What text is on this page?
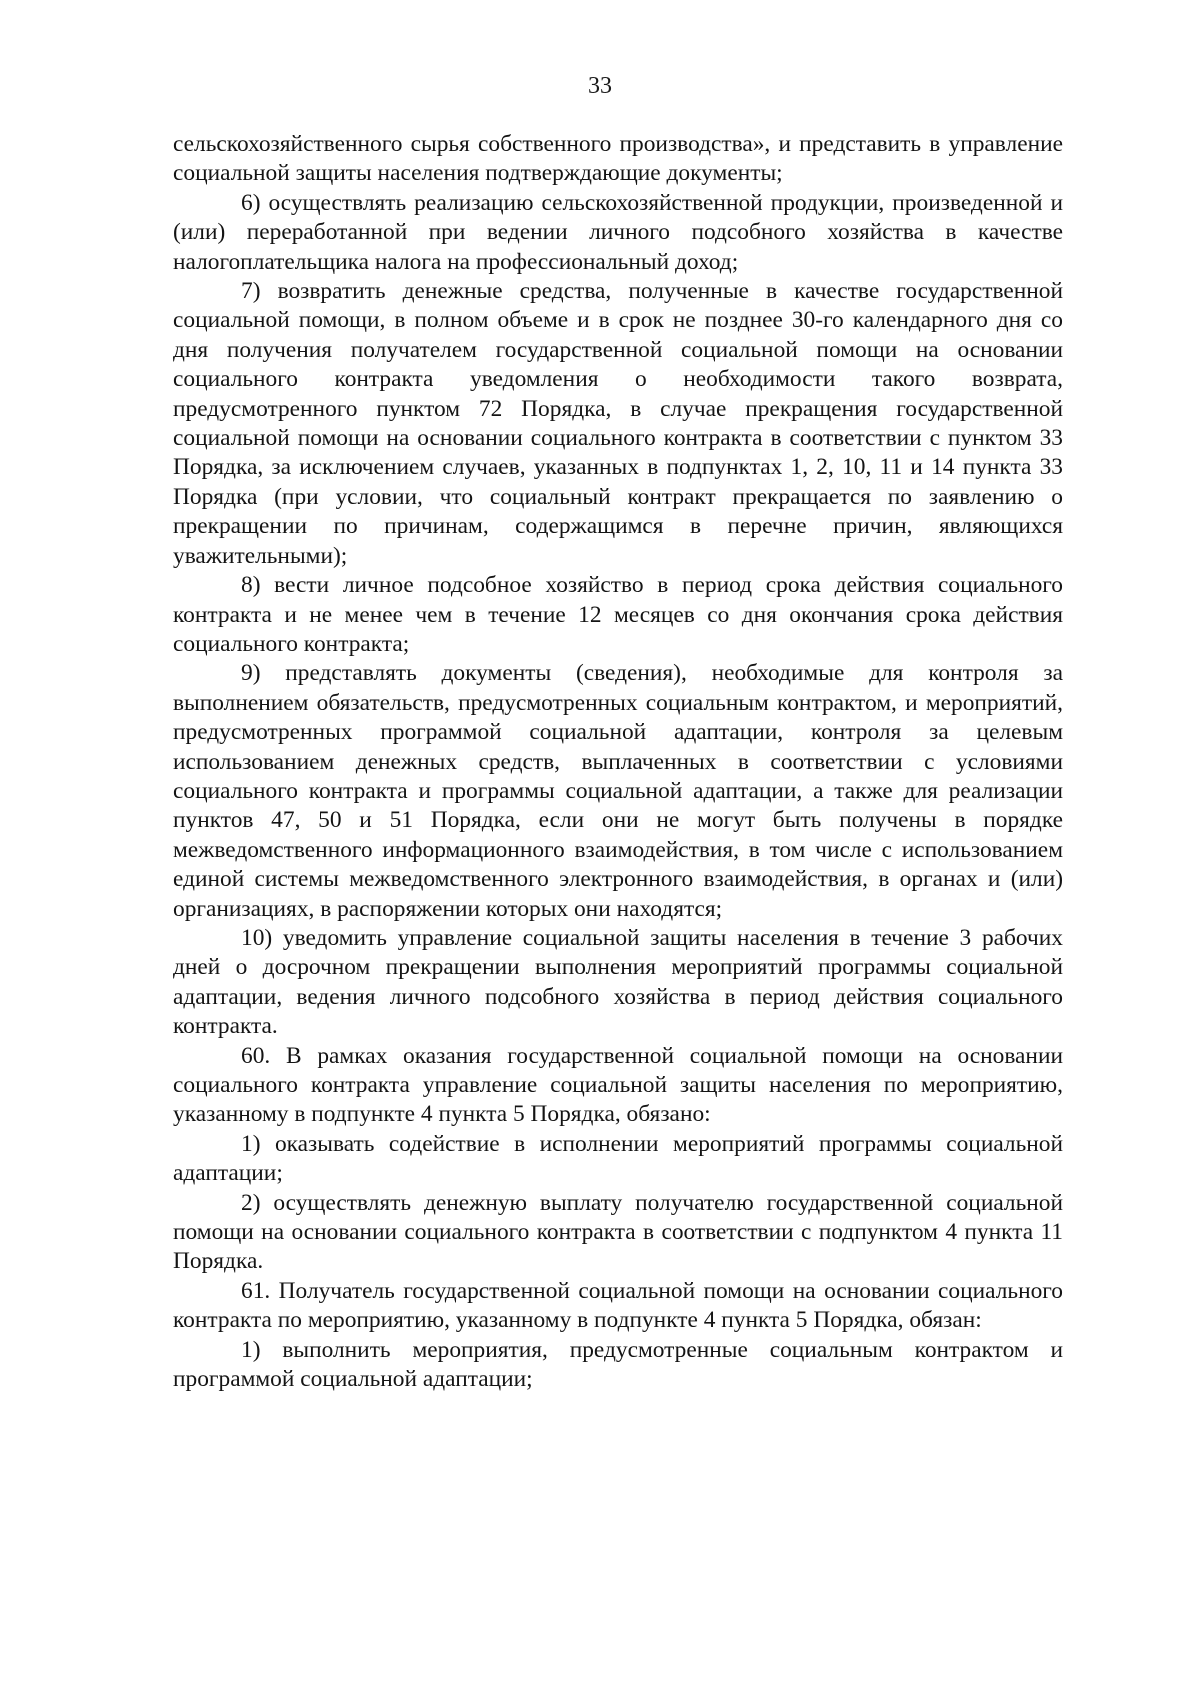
33

сельскохозяйственного сырья собственного производства», и представить в управление социальной защиты населения подтверждающие документы;

6) осуществлять реализацию сельскохозяйственной продукции, произведенной и (или) переработанной при ведении личного подсобного хозяйства в качестве налогоплательщика налога на профессиональный доход;

7) возвратить денежные средства, полученные в качестве государственной социальной помощи, в полном объеме и в срок не позднее 30-го календарного дня со дня получения получателем государственной социальной помощи на основании социального контракта уведомления о необходимости такого возврата, предусмотренного пунктом 72 Порядка, в случае прекращения государственной социальной помощи на основании социального контракта в соответствии с пунктом 33 Порядка, за исключением случаев, указанных в подпунктах 1, 2, 10, 11 и 14 пункта 33 Порядка (при условии, что социальный контракт прекращается по заявлению о прекращении по причинам, содержащимся в перечне причин, являющихся уважительными);

8) вести личное подсобное хозяйство в период срока действия социального контракта и не менее чем в течение 12 месяцев со дня окончания срока действия социального контракта;

9) представлять документы (сведения), необходимые для контроля за выполнением обязательств, предусмотренных социальным контрактом, и мероприятий, предусмотренных программой социальной адаптации, контроля за целевым использованием денежных средств, выплаченных в соответствии с условиями социального контракта и программы социальной адаптации, а также для реализации пунктов 47, 50 и 51 Порядка, если они не могут быть получены в порядке межведомственного информационного взаимодействия, в том числе с использованием единой системы межведомственного электронного взаимодействия, в органах и (или) организациях, в распоряжении которых они находятся;

10) уведомить управление социальной защиты населения в течение 3 рабочих дней о досрочном прекращении выполнения мероприятий программы социальной адаптации, ведения личного подсобного хозяйства в период действия социального контракта.

60. В рамках оказания государственной социальной помощи на основании социального контракта управление социальной защиты населения по мероприятию, указанному в подпункте 4 пункта 5 Порядка, обязано:

1) оказывать содействие в исполнении мероприятий программы социальной адаптации;

2) осуществлять денежную выплату получателю государственной социальной помощи на основании социального контракта в соответствии с подпунктом 4 пункта 11 Порядка.

61. Получатель государственной социальной помощи на основании социального контракта по мероприятию, указанному в подпункте 4 пункта 5 Порядка, обязан:

1) выполнить мероприятия, предусмотренные социальным контрактом и программой социальной адаптации;
